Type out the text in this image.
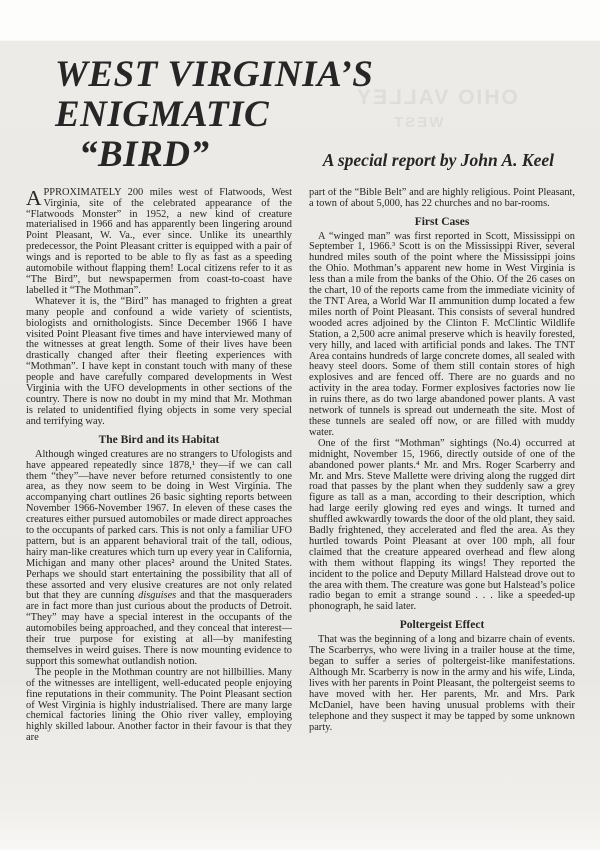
OHIO VALLEY
WEST
WEST VIRGINIA’S ENIGMATIC
“BIRD”	A special report by John A. Keel

APPROXIMATELY 200 miles west of Flatwoods, West Virginia, site of the celebrated appearance of the “Flatwoods Monster” in 1952, a new kind of creature materialised in 1966 and has apparently been lingering around Point Pleasant, W. Va., ever since. Unlike its unearthly predecessor, the Point Pleasant critter is equipped with a pair of wings and is reported to be able to fly as fast as a speeding automobile without flapping them! Local citizens refer to it as “The Bird”, but newspapermen from coast-to-coast have labelled it “The Mothman”.

Whatever it is, the “Bird” has managed to frighten a great many people and confound a wide variety of scientists, biologists and ornithologists. Since December 1966 I have visited Point Pleasant five times and have interviewed many of the witnesses at great length. Some of their lives have been drastically changed after their fleeting experiences with “Mothman”. I have kept in constant touch with many of these people and have carefully compared developments in West Virginia with the UFO developments in other sections of the country. There is now no doubt in my mind that Mr. Mothman is related to unidentified flying objects in some very special and terrifying way.

The Bird and its Habitat

Although winged creatures are no strangers to Ufologists and have appeared repeatedly since 1878,¹ they—if we can call them “they”—have never before returned consistently to one area, as they now seem to be doing in West Virginia. The accompanying chart outlines 26 basic sighting reports between November 1966-November 1967. In eleven of these cases the creatures either pursued automobiles or made direct approaches to the occupants of parked cars. This is not only a familiar UFO pattern, but is an apparent behavioral trait of the tall, odious, hairy man-like creatures which turn up every year in California, Michigan and many other places² around the United States. Perhaps we should start entertaining the possibility that all of these assorted and very elusive creatures are not only related but that they are cunning disguises and that the masqueraders are in fact more than just curious about the products of Detroit. “They” may have a special interest in the occupants of the automobiles being approached, and they conceal that interest—their true purpose for existing at all—by manifesting themselves in weird guises. There is now mounting evidence to support this somewhat outlandish notion.

The people in the Mothman country are not hillbillies. Many of the witnesses are intelligent, well-educated people enjoying fine reputations in their community. The Point Pleasant section of West Virginia is highly industrialised. There are many large chemical factories lining the Ohio river valley, employing highly skilled labour. Another factor in their favour is that they are

part of the “Bible Belt” and are highly religious. Point Pleasant, a town of about 5,000, has 22 churches and no bar-rooms.

First Cases

A “winged man” was first reported in Scott, Mississippi on September 1, 1966.³ Scott is on the Mississippi River, several hundred miles south of the point where the Mississippi joins the Ohio. Mothman’s apparent new home in West Virginia is less than a mile from the banks of the Ohio. Of the 26 cases on the chart, 10 of the reports came from the immediate vicinity of the TNT Area, a World War II ammunition dump located a few miles north of Point Pleasant. This consists of several hundred wooded acres adjoined by the Clinton F. McClintic Wildlife Station, a 2,500 acre animal preserve which is heavily forested, very hilly, and laced with artificial ponds and lakes. The TNT Area contains hundreds of large concrete domes, all sealed with heavy steel doors. Some of them still contain stores of high explosives and are fenced off. There are no guards and no activity in the area today. Former explosives factories now lie in ruins there, as do two large abandoned power plants. A vast network of tunnels is spread out underneath the site. Most of these tunnels are sealed off now, or are filled with muddy water.

One of the first “Mothman” sightings (No.4) occurred at midnight, November 15, 1966, directly outside of one of the abandoned power plants.⁴ Mr. and Mrs. Roger Scarberry and Mr. and Mrs. Steve Mallette were driving along the rugged dirt road that passes by the plant when they suddenly saw a grey figure as tall as a man, according to their description, which had large eerily glowing red eyes and wings. It turned and shuffled awkwardly towards the door of the old plant, they said. Badly frightened, they accelerated and fled the area. As they hurtled towards Point Pleasant at over 100 mph, all four claimed that the creature appeared overhead and flew along with them without flapping its wings! They reported the incident to the police and Deputy Millard Halstead drove out to the area with them. The creature was gone but Halstead’s police radio began to emit a strange sound . . . like a speeded-up phonograph, he said later.

Poltergeist Effect

That was the beginning of a long and bizarre chain of events. The Scarberrys, who were living in a trailer house at the time, began to suffer a series of poltergeist-like manifestations. Although Mr. Scarberry is now in the army and his wife, Linda, lives with her parents in Point Pleasant, the poltergeist seems to have moved with her. Her parents, Mr. and Mrs. Park McDaniel, have been having unusual problems with their telephone and they suspect it may be tapped by some unknown party.
